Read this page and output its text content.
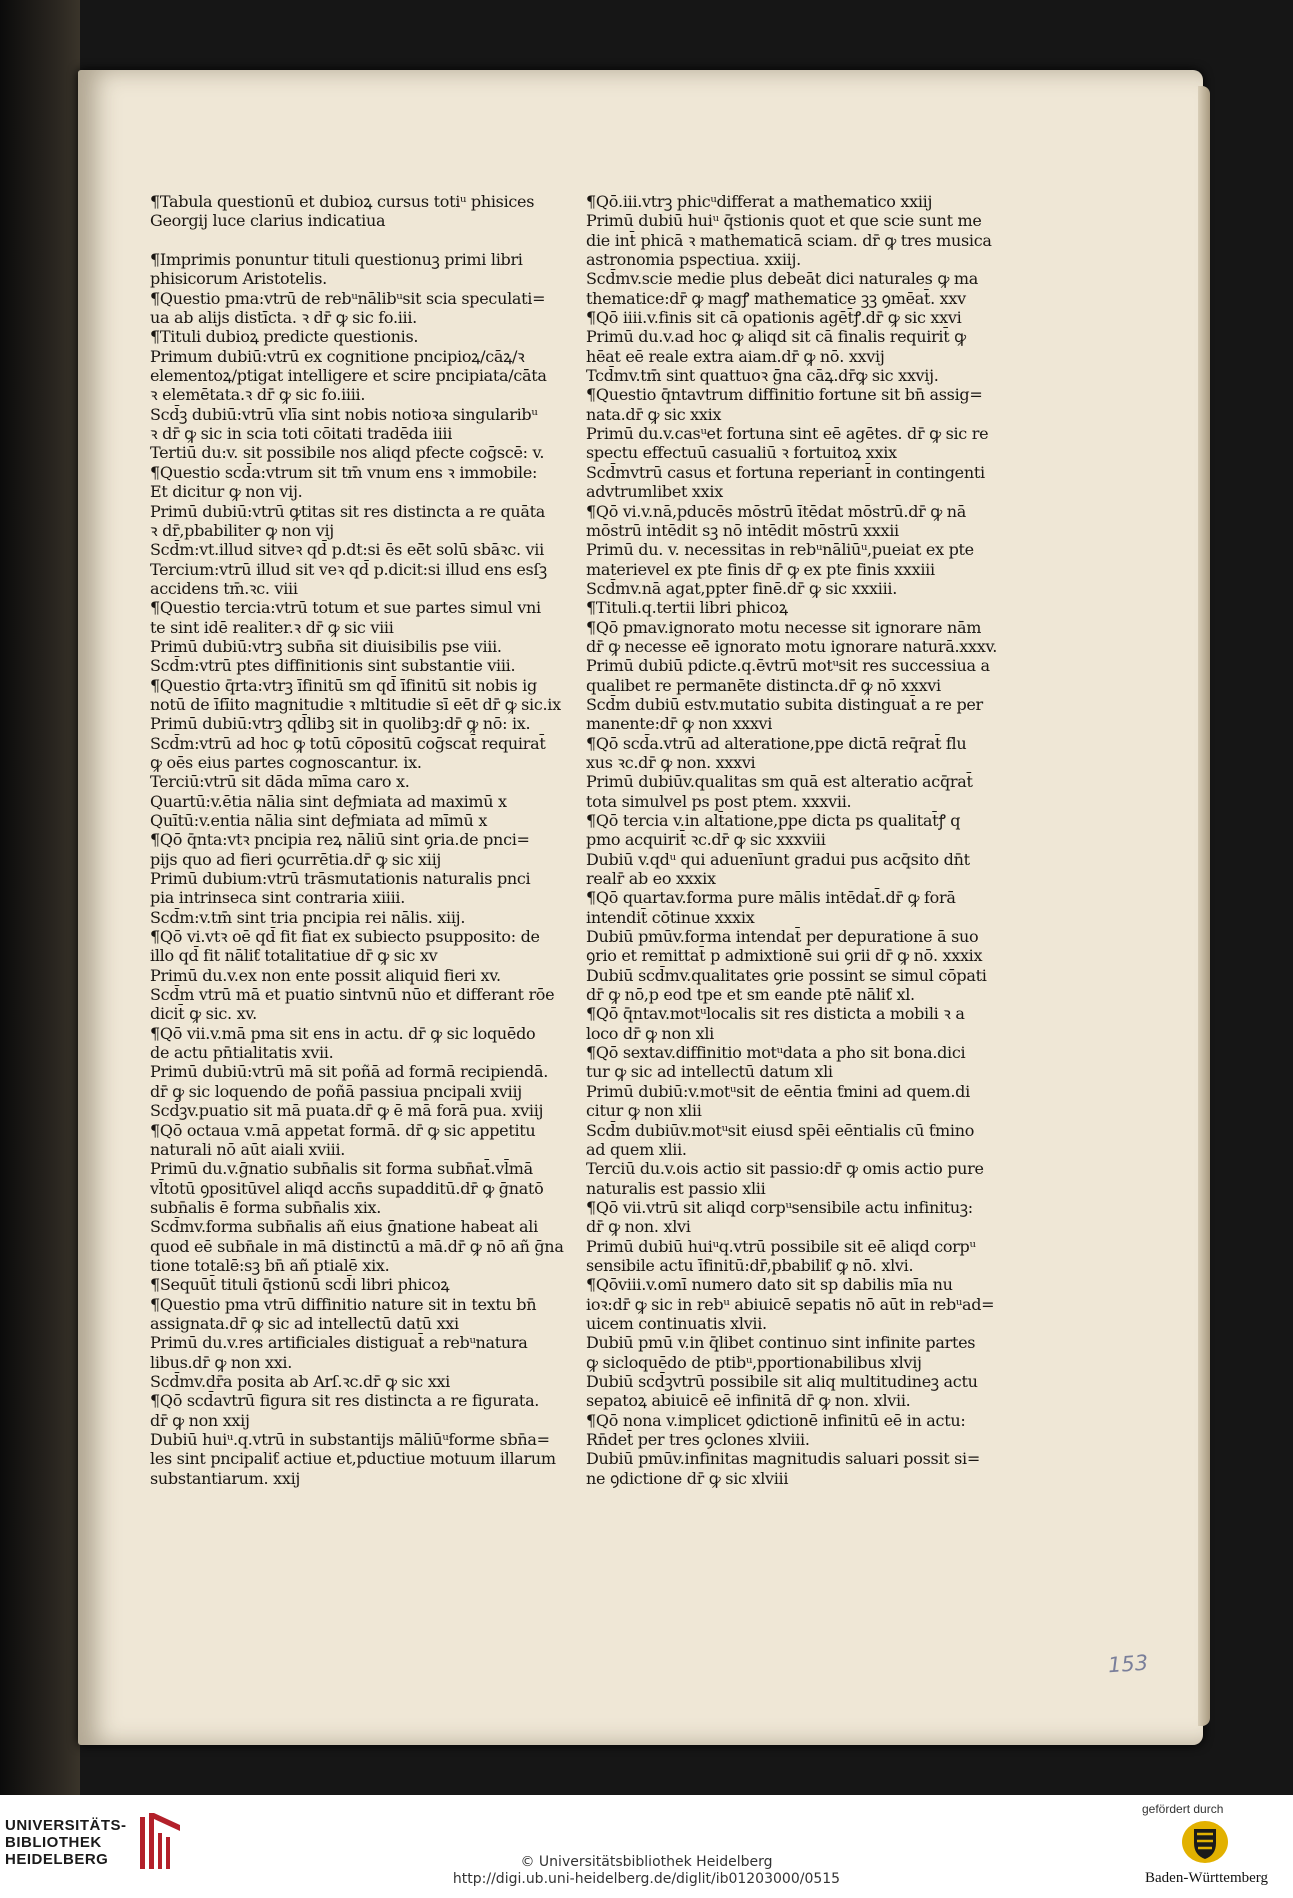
¶Tabula questionū et dubioꝝ cursus totiᵘ phisices
Georgij luce clarius indicatiua
¶Imprimis ponuntur tituli questionuꝫ primi libri
phisicorum Aristotelis.
¶Questio pma:vtrū de rebᵘnālibᵘsit scia speculati=
ua ab alijs distīcta. ꝛ dr̄ ꝙ sic fo.iii.
¶Tituli dubioꝝ predicte questionis.
Primum dubiū:vtrū ex cognitione pncipioꝝ/cāꝝ/ꝛ
elementoꝝ/ptigat intelligere et scire pncipiata/cāta
ꝛ elemētata.ꝛ dr̄ ꝙ sic fo.iiii.
Scd̄ꝫ dubiū:vtrū vlīa sint nobis notioꝛa singularibᵘ
ꝛ dr̄ ꝙ sic in scia toti cōitati tradēda iiii
Tertiū du:v. sit possibile nos aliqd pfecte coḡscē: v.
¶Questio scd̄a:vtrum sit tm̄ vnum ens ꝛ immobile:
Et dicitur ꝙ non vij.
Primū dubiū:vtrū ꝙtitas sit res distincta a re quāta
ꝛ dr̄,pbabiliter ꝙ non vij
Scd̄m:vt.illud sitveꝛ qd̄ p.dt:si ēs eē̄t solū sbāꝛc. vii
Tercium:vtrū illud sit veꝛ qd̄ p.dicit:si illud ens esſꝫ
accidens tm̄.ꝛc. viii
¶Questio tercia:vtrū totum et sue partes simul vni
te sint idē realiter.ꝛ dr̄ ꝙ sic viii
Primū dubiū:vtrꝫ subn̄a sit diuisibilis pse viii.
Scd̄m:vtrū ptes diffinitionis sint substantie viii.
¶Questio q̄rta:vtrꝫ īfinitū sm qd̄ īfinitū sit nobis ig
notū de īfīito magnitudie ꝛ mltitudie sī eēt dr̄ ꝙ sic.ix
Primū dubiū:vtrꝫ qd̄libꝫ sit in quolibꝫ:dr̄ ꝙ nō: ix.
Scd̄m:vtrū ad hoc ꝙ totū cōpositū coḡscat̄ requirat̄
ꝙ oēs eius partes cognoscantur. ix.
Terciū:vtrū sit dāda mīma caro x.
Quartū:v.ētia nālia sint deƒmiata ad maximū x
Quītū:v.entia nālia sint deƒmiata ad mīmū x
¶Qō q̄nta:vtꝛ pncipia reꝝ nāliū sint ꝯria.de pnci=
pijs quo ad fieri ꝯcurrētia.dr̄ ꝙ sic xiij
Primū dubium:vtrū trāsmutationis naturalis pnci
pia intrinseca sint contraria xiiii.
Scd̄m:v.tm̄ sint tria pncipia rei nālis. xiij.
¶Qō vi.vtꝛ oē qd̄ fit fiat ex subiecto psupposito: de
illo qd̄ fit nāliƭ totalitatiue dr̄ ꝙ sic xv
Primū du.v.ex non ente possit aliquid fieri xv.
Scd̄m vtrū mā et puatio sintvnū nūo et differant rōe
dicit̄ ꝙ sic. xv.
¶Qō vii.v.mā pma sit ens in actu. dr̄ ꝙ sic loquēdo
de actu pn̄tialitatis xvii.
Primū dubiū:vtrū mā sit poñā ad formā recipiendā.
dr̄ ꝙ sic loquendo de poñā passiua pncipali xviij
Scd̄ꝫv.puatio sit mā puata.dr̄ ꝙ ē mā forā pua. xviij
¶Qō octaua v.mā appetat formā. dr̄ ꝙ sic appetitu
naturali nō aūt aiali xviii.
Primū du.v.ḡnatio subn̄alis sit forma subn̄at̄.vl̄mā
vl̄totū ꝯpositūvel aliqd accn̄s supadditū.dr̄ ꝙ ḡnatō
subn̄alis ē forma subn̄alis xix.
Scd̄mv.forma subn̄alis añ eius ḡnatione habeat ali
quod eē subn̄ale in mā distinctū a mā.dr̄ ꝙ nō añ ḡna
tione totalē:sꝫ bn̄ añ ptialē xix.
¶Sequūt̄ tituli q̄stionū scd̄i libri phicoꝝ
¶Questio pma vtrū diffinitio nature sit in textu bn̄
assignata.dr̄ ꝙ sic ad intellectū datū xxi
Primū du.v.res artificiales distiguat̄ a rebᵘnatura
libus.dr̄ ꝙ non xxi.
Scd̄mv.dr̄a posita ab Arſ.ꝛc.dr̄ ꝙ sic xxi
¶Qō scd̄avtrū figura sit res distincta a re figurata.
dr̄ ꝙ non xxij
Dubiū huiᵘ.q.vtrū in substantijs māliūᵘforme sbn̄a=
les sint pncipaliƭ actiue et,pductiue motuum illarum
substantiarum. xxij
¶Qō.iii.vtrꝫ phicᵘdifferat a mathematico xxiij
Primū dubiū huiᵘ q̄stionis quot et que scie sunt me
die int̄ phicā ꝛ mathematicā sciam. dr̄ ꝙ tres musica
astronomia pspectiua. xxiij.
Scd̄mv.scie medie plus debeāt dici naturales ꝙ ma
thematice:dr̄ ꝙ magꝭ mathematice ꝫꝫ ꝯmēat̄. xxv
¶Qō iiii.v.finis sit cā opationis agēt̄ꝭ.dr̄ ꝙ sic xxvi
Primū du.v.ad hoc ꝙ aliqd sit cā finalis requirit̄ ꝙ
hēat eē reale extra aiam.dr̄ ꝙ nō. xxvij
Tcd̄mv.tm̄ sint quattuoꝛ ḡna cāꝝ.dr̄ꝙ sic xxvij.
¶Questio q̄ntavtrum diffinitio fortune sit bn̄ assig=
nata.dr̄ ꝙ sic xxix
Primū du.v.casᵘet fortuna sint eē agētes. dr̄ ꝙ sic re
spectu effectuū casualiū ꝛ fortuitoꝝ xxix
Scd̄mvtrū casus et fortuna reperiant̄ in contingenti
advtrumlibet xxix
¶Qō vi.v.nā,pducēs mōstrū ītēdat mōstrū.dr̄ ꝙ nā
mōstrū intēdit sꝫ nō intēdit mōstrū xxxii
Primū du. v. necessitas in rebᵘnāliūᵘ,pueiat ex pte
materievel ex pte finis dr̄ ꝙ ex pte finis xxxiii
Scd̄mv.nā agat,ppter finē.dr̄ ꝙ sic xxxiii.
¶Tituli.q.tertii libri phicoꝝ
¶Qō pmav.ignorato motu necesse sit ignorare nām
dr̄ ꝙ necesse eē̄ ignorato motu ignorare naturā.xxxv.
Primū dubiū pdicte.q.ēvtrū motᵘsit res successiua a
qualibet re permanēte distincta.dr̄ ꝙ nō xxxvi
Scd̄m dubiū estv.mutatio subita distinguat̄ a re per
manente:dr̄ ꝙ non xxxvi
¶Qō scd̄a.vtrū ad alteratione,ppe dictā req̄rat̄ flu
xus ꝛc.dr̄ ꝙ non. xxxvi
Primū dubiūv.qualitas sm quā est alteratio acq̄rat̄
tota simulvel ps post ptem. xxxvii.
¶Qō tercia v.in alt̄atione,ppe dicta ps qualitat̄ꝭ q
pmo acquirit̄ ꝛc.dr̄ ꝙ sic xxxviii
Dubiū v.qdᵘ qui aduenīunt gradui pus acq̄sito dn̄t
realr̄ ab eo xxxix
¶Qō quartav.forma pure mālis intēdat̄.dr̄ ꝙ forā
intendit̄ cōtinue xxxix
Dubiū pmūv.forma intendat̄ per depuratione ā suo
ꝯrio et remittat̄ p admixtionē sui ꝯrii dr̄ ꝙ nō. xxxix
Dubiū scd̄mv.qualitates ꝯrie possint se simul cōpati
dr̄ ꝙ nō,p eod tpe et sm eande ptē nāliƭ xl.
¶Qō q̄ntav.motᵘlocalis sit res disticta a mobili ꝛ a
loco dr̄ ꝙ non xli
¶Qō sextav.diffinitio motᵘdata a pho sit bona.dici
tur ꝙ sic ad intellectū datum xli
Primū dubiū:v.motᵘsit de eēntia ƭmini ad quem.di
citur ꝙ non xlii
Scd̄m dubiūv.motᵘsit eiusd spēi eēntialis cū ƭmino
ad quem xlii.
Terciū du.v.ois actio sit passio:dr̄ ꝙ omis actio pure
naturalis est passio xlii
¶Qō vii.vtrū sit aliqd corpᵘsensibile actu infinituꝫ:
dr̄ ꝙ non. xlvi
Primū dubiū huiᵘq.vtrū possibile sit eē aliqd corpᵘ
sensibile actu īfinitū:dr̄,pbabiliƭ ꝙ nō. xlvi.
¶Qōviii.v.omī numero dato sit sp dabilis mīa nu
ioꝛ:dr̄ ꝙ sic in rebᵘ abiuicē sepatis nō aūt in rebᵘad=
uicem continuatis xlvii.
Dubiū pmū v.in q̄libet continuo sint infinite partes
ꝙ sicloquēdo de ptibᵘ,pportionabilibus xlvij
Dubiū scd̄ꝫvtrū possibile sit aliq multitudineꝫ actu
sepatoꝝ abiuicē eē infinitā dr̄ ꝙ non. xlvii.
¶Qō nona v.implicet ꝯdictionē infinitū eē in actu:
Rn̄det̄ per tres ꝯclones xlviii.
Dubiū pmūv.infinitas magnitudis saluari possit si=
ne ꝯdictione dr̄ ꝙ sic xlviii
153
UNIVERSITÄTS-
BIBLIOTHEK
HEIDELBERG	© Universitätsbibliothek Heidelberg
http://digi.ub.uni-heidelberg.de/diglit/ib01203000/0515
gefördert durch
Baden-Württemberg
